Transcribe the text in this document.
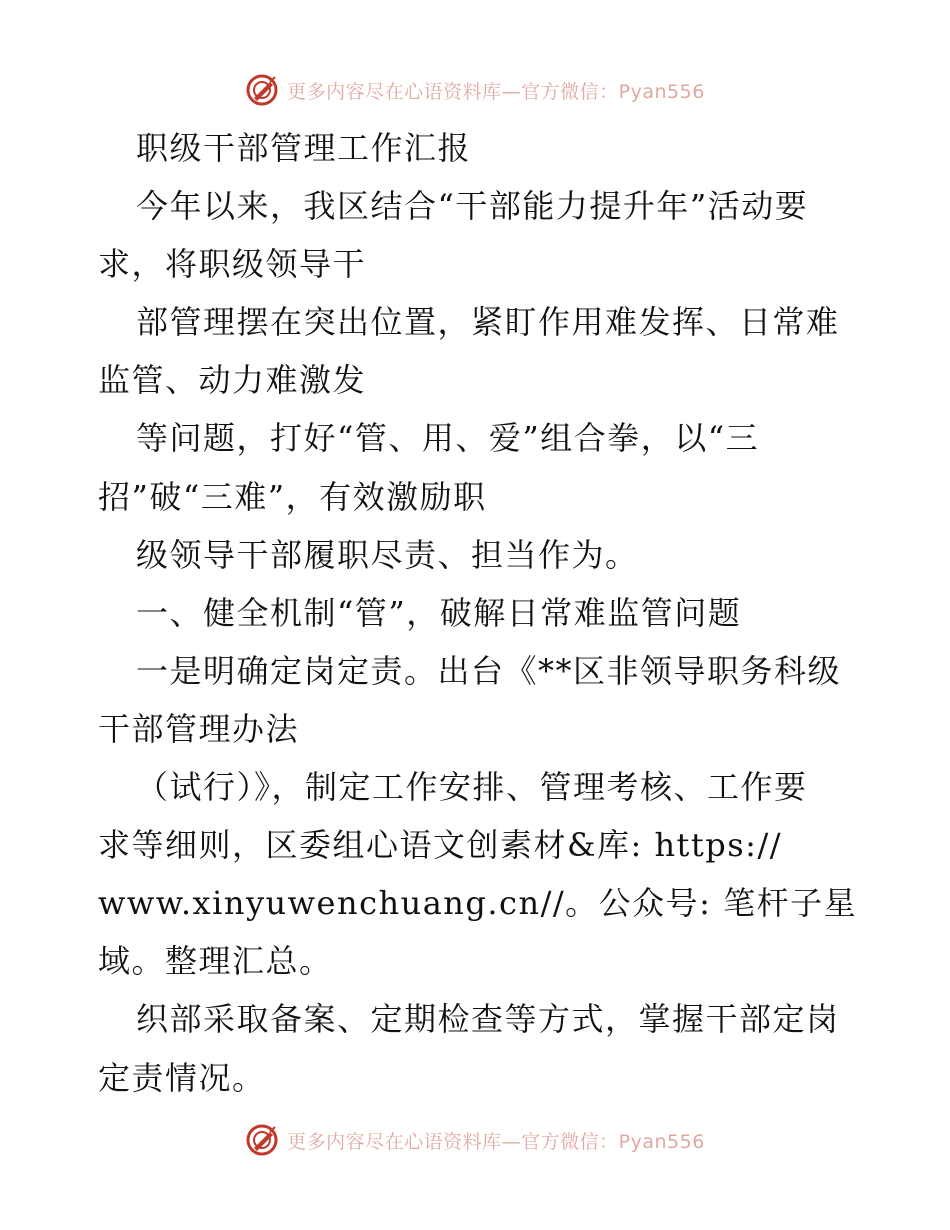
更多内容尽在心语资料库—官方微信：Pyan556
职级干部管理工作汇报
今年以来，我区结合“干部能力提升年”活动要
求，将职级领导干
部管理摆在突出位置，紧盯作用难发挥、日常难
监管、动力难激发
等问题，打好“管、用、爱”组合拳，以“三
招”破“三难”，有效激励职
级领导干部履职尽责、担当作为。
一、健全机制“管”，破解日常难监管问题
一是明确定岗定责。出台《**区非领导职务科级
干部管理办法
（试行）》，制定工作安排、管理考核、工作要
求等细则，区委组心语文创素材&库: https://
www.xinyuwenchuang.cn//。公众号: 笔杆子星
域。整理汇总。
织部采取备案、定期检查等方式，掌握干部定岗
定责情况。
更多内容尽在心语资料库—官方微信：Pyan556
